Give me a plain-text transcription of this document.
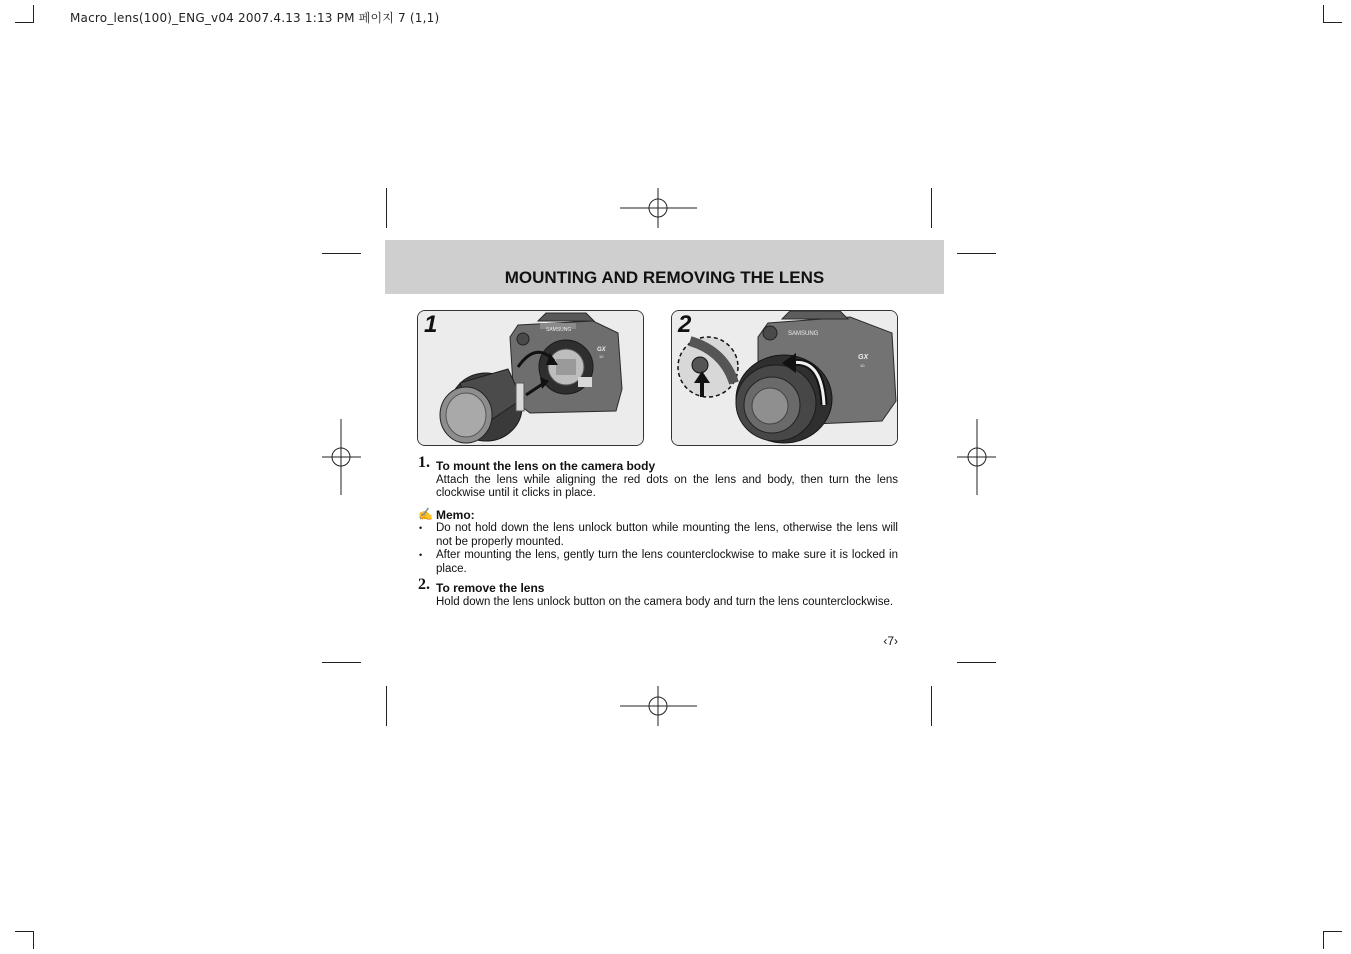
Macro_lens(100)_ENG_v04 2007.4.13 1:13 PM 페이지 7 (1,1)
MOUNTING AND REMOVING THE LENS
SAMSUNG
GX
10
1	SAMSUNG
GX
10
2
1. To mount the lens on the camera body
Attach the lens while aligning the red dots on the lens and body, then turn the lens clockwise until it clicks in place.
✍ Memo:
• Do not hold down the lens unlock button while mounting the lens, otherwise the lens will not be properly mounted.
• After mounting the lens, gently turn the lens counterclockwise to make sure it is locked in place.
2. To remove the lens
Hold down the lens unlock button on the camera body and turn the lens counterclockwise.
‹7›
